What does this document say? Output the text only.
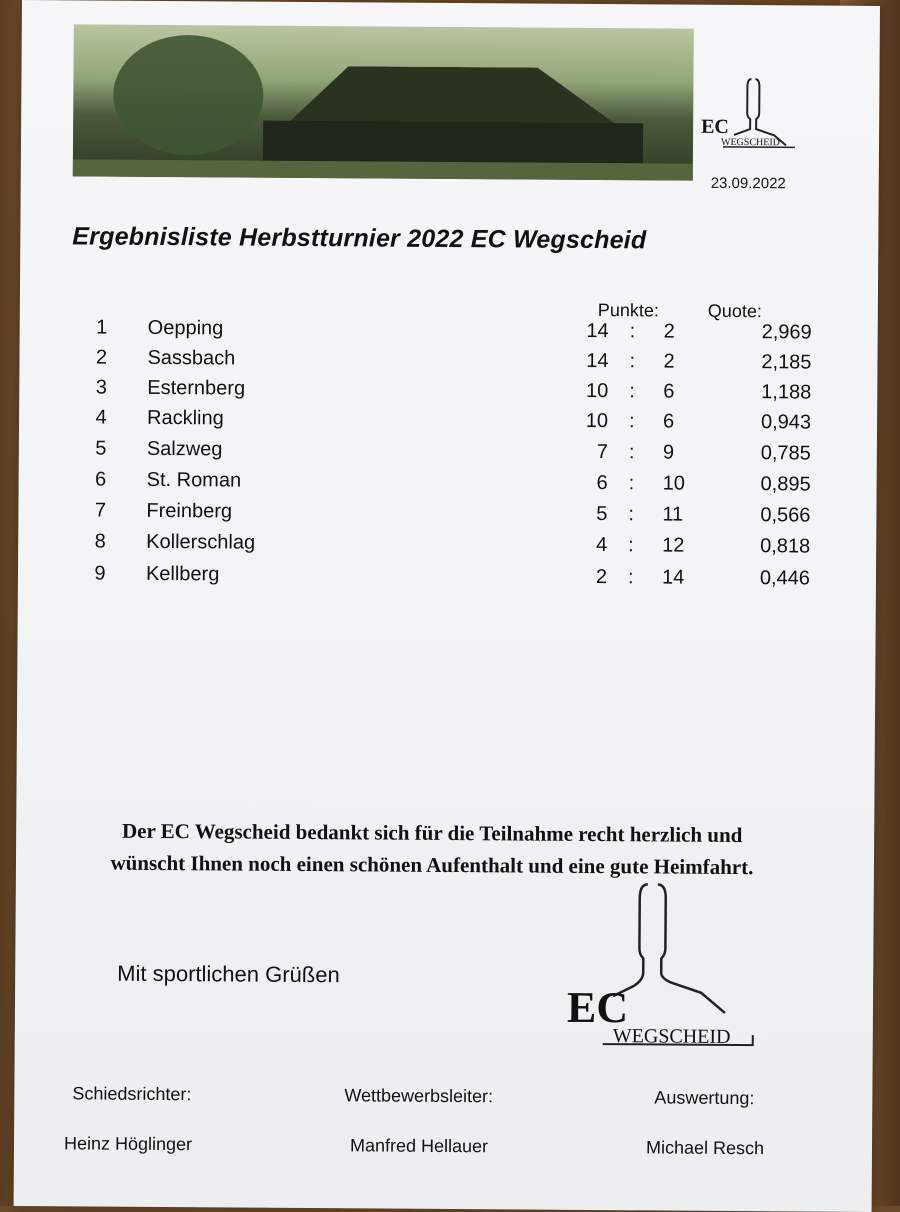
EC
WEGSCHEID
23.09.2022
Ergebnisliste Herbstturnier 2022 EC Wegscheid
Punkte:	Quote:
1	Oepping	14 : 2	2,969
2	Sassbach	14 : 2	2,185
3	Esternberg	10 : 6	1,188
4	Rackling	10 : 6	0,943
5	Salzweg	7 : 9	0,785
6	St. Roman	6 : 10	0,895
7	Freinberg	5 : 11	0,566
8	Kollerschlag	4 : 12	0,818
9	Kellberg	2 : 14	0,446
Der EC Wegscheid bedankt sich für die Teilnahme recht herzlich und
wünscht Ihnen noch einen schönen Aufenthalt und eine gute Heimfahrt.
Mit sportlichen Grüßen
EC
WEGSCHEID
Schiedsrichter:	Wettbewerbsleiter:	Auswertung:
Heinz Höglinger	Manfred Hellauer	Michael Resch
